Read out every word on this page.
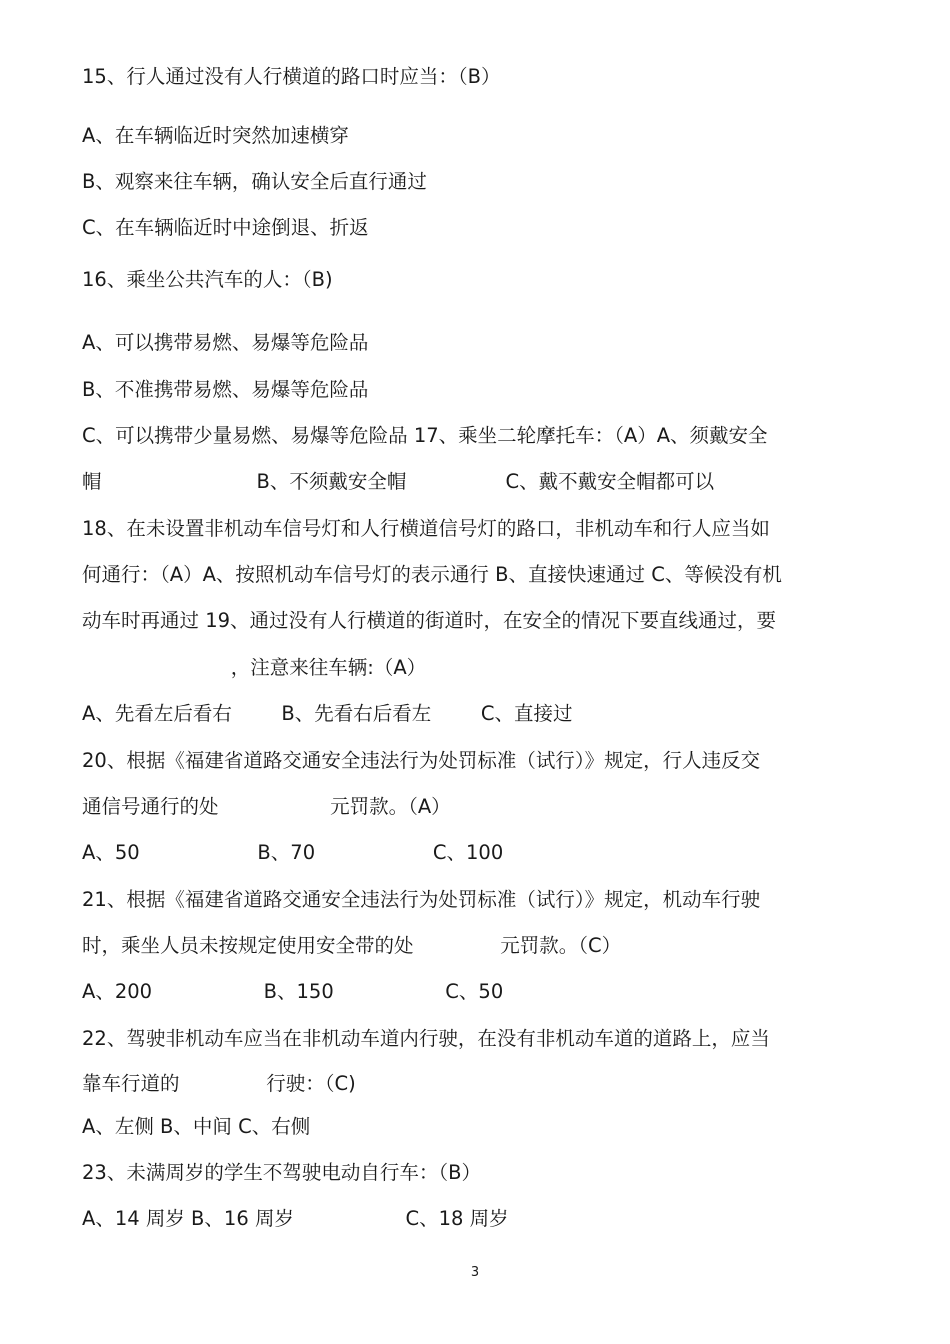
15、行人通过没有人行横道的路口时应当：（B）

A、在车辆临近时突然加速横穿

B、观察来往车辆，确认安全后直行通过

C、在车辆临近时中途倒退、折返

16、乘坐公共汽车的人：（B)

A、可以携带易燃、易爆等危险品

B、不准携带易燃、易爆等危险品

C、可以携带少量易燃、易爆等危险品 17、乘坐二轮摩托车：（A）A、须戴安全

帽                         B、不须戴安全帽                C、戴不戴安全帽都可以

18、在未设置非机动车信号灯和人行横道信号灯的路口，非机动车和行人应当如

何通行：（A）A、按照机动车信号灯的表示通行 B、直接快速通过 C、等候没有机

动车时再通过 19、通过没有人行横道的街道时，在安全的情况下要直线通过，要

，注意来往车辆:（A）

A、先看左后看右        B、先看右后看左        C、直接过

20、根据《福建省道路交通安全违法行为处罚标准（试行）》规定，行人违反交

通信号通行的处                  元罚款。（A）

A、50                   B、70                   C、100

21、根据《福建省道路交通安全违法行为处罚标准（试行）》规定，机动车行驶

时，乘坐人员未按规定使用安全带的处              元罚款。（C）

A、200                  B、150                  C、50

22、驾驶非机动车应当在非机动车道内行驶，在没有非机动车道的道路上，应当

靠车行道的              行驶：（C)

A、左侧 B、中间 C、右侧

23、未满周岁的学生不驾驶电动自行车：（B）

A、14 周岁 B、16 周岁                  C、18 周岁

3
